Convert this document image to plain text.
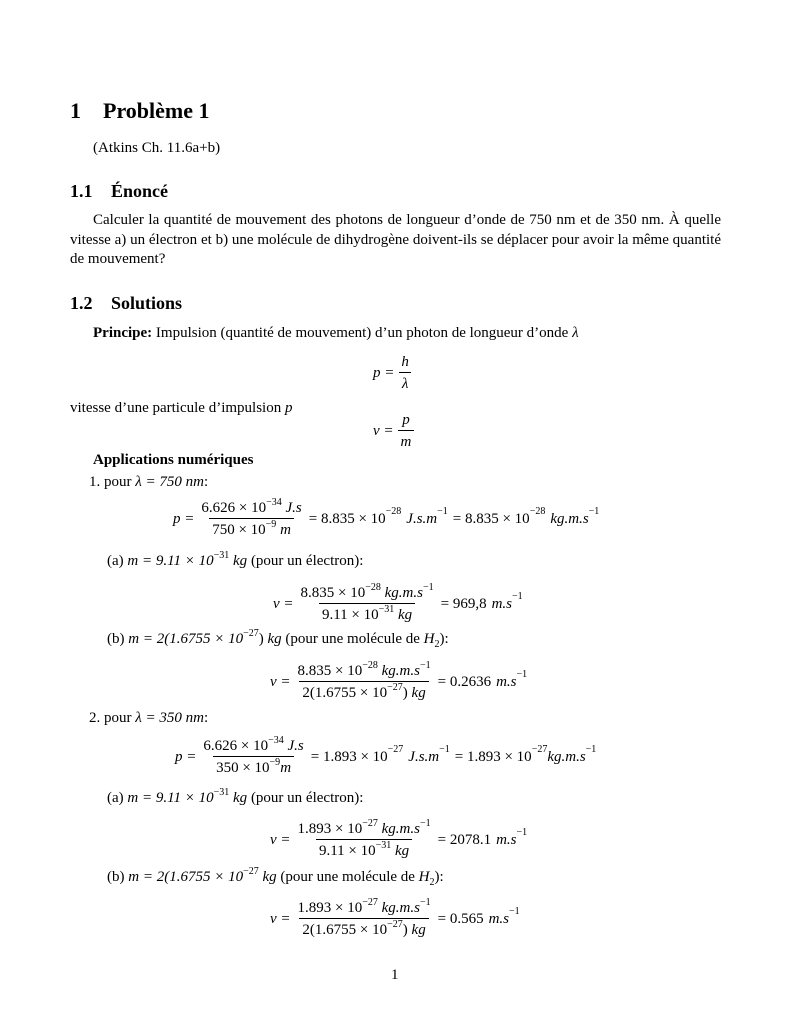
1 Problème 1
(Atkins Ch. 11.6a+b)
1.1 Énoncé
Calculer la quantité de mouvement des photons de longueur d’onde de 750 nm et de 350 nm. À quelle vitesse a) un électron et b) une molécule de dihydrogène doivent-ils se déplacer pour avoir la même quantité de mouvement?
1.2 Solutions
Principe: Impulsion (quantité de mouvement) d’un photon de longueur d’onde λ
$p = \frac{h}{\lambda}$
vitesse d’une particule d’impulsion p
$v = \frac{p}{m}$
Applications numériques
1. pour λ = 750 nm:
$p = \frac{6.626 \times 10^{-34} J.s}{750 \times 10^{-9} m} = 8.835 \times 10^{-28}$ $J.s.m^{-1} = 8.835 \times 10^{-28}$ $kg.m.s^{-1}$
(a) $m = 9.11 \times 10^{-31}$ kg (pour un électron):
$v = \frac{8.835 \times 10^{-28} kg.m.s^{-1}}{9.11 \times 10^{-31} kg} = 969,8$ $m.s^{-1}$
(b) $m = 2(1.6755 \times 10^{-27})$ kg (pour une molécule de $H_2$):
$v = \frac{8.835 \times 10^{-28} kg.m.s^{-1}}{2(1.6755 \times 10^{-27}) kg} = 0.2636$ $m.s^{-1}$
2. pour λ = 350 nm:
$p = \frac{6.626 \times 10^{-34} J.s}{350 \times 10^{-9}m} = 1.893 \times 10^{-27}$ $J.s.m^{-1} = 1.893 \times 10^{-27}$ $kg.m.s^{-1}$
(a) $m = 9.11 \times 10^{-31}$ kg (pour un électron):
$v = \frac{1.893 \times 10^{-27} kg.m.s^{-1}}{9.11 \times 10^{-31} kg} = 2078.1$ $m.s^{-1}$
(b) $m = 2(1.6755 \times 10^{-27}$ kg (pour une molécule de $H_2$):
$v = \frac{1.893 \times 10^{-27} kg.m.s^{-1}}{2(1.6755 \times 10^{-27}) kg} = 0.565$ $m.s^{-1}$
1
